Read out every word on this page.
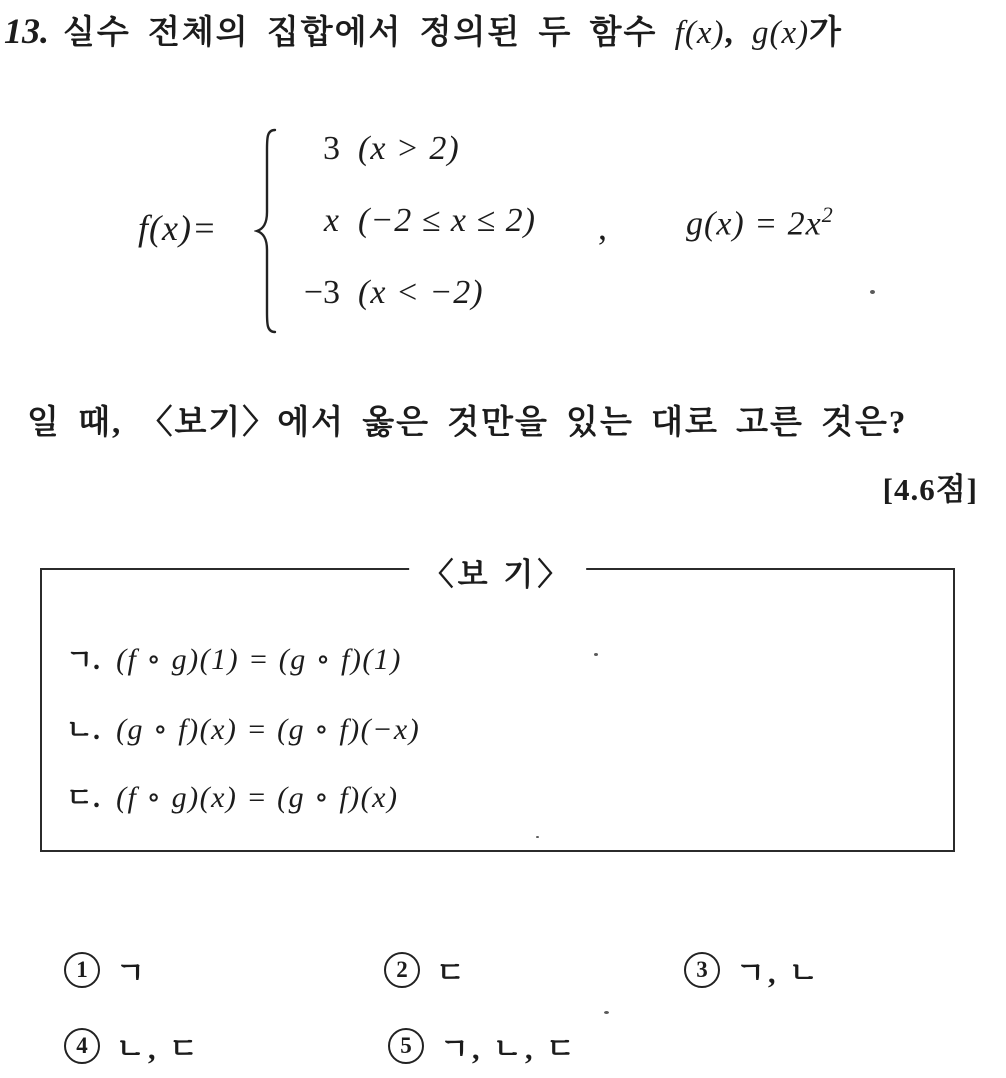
13. 실수 전체의 집합에서 정의된 두 함수 f(x), g(x)가
f(x)=
3 (x > 2)
x (−2 ≤ x ≤ 2)
−3 (x < −2)
, $g(x) = 2x^2$
일 때, 〈보기〉에서 옳은 것만을 있는 대로 고른 것은?
[4.6점]
〈보 기〉
ㄱ. (f ∘ g)(1) = (g ∘ f)(1)
ㄴ. (g ∘ f)(x) = (g ∘ f)(−x)
ㄷ. (f ∘ g)(x) = (g ∘ f)(x)
1 ㄱ	2 ㄷ	3 ㄱ, ㄴ
4 ㄴ, ㄷ	5 ㄱ, ㄴ, ㄷ
